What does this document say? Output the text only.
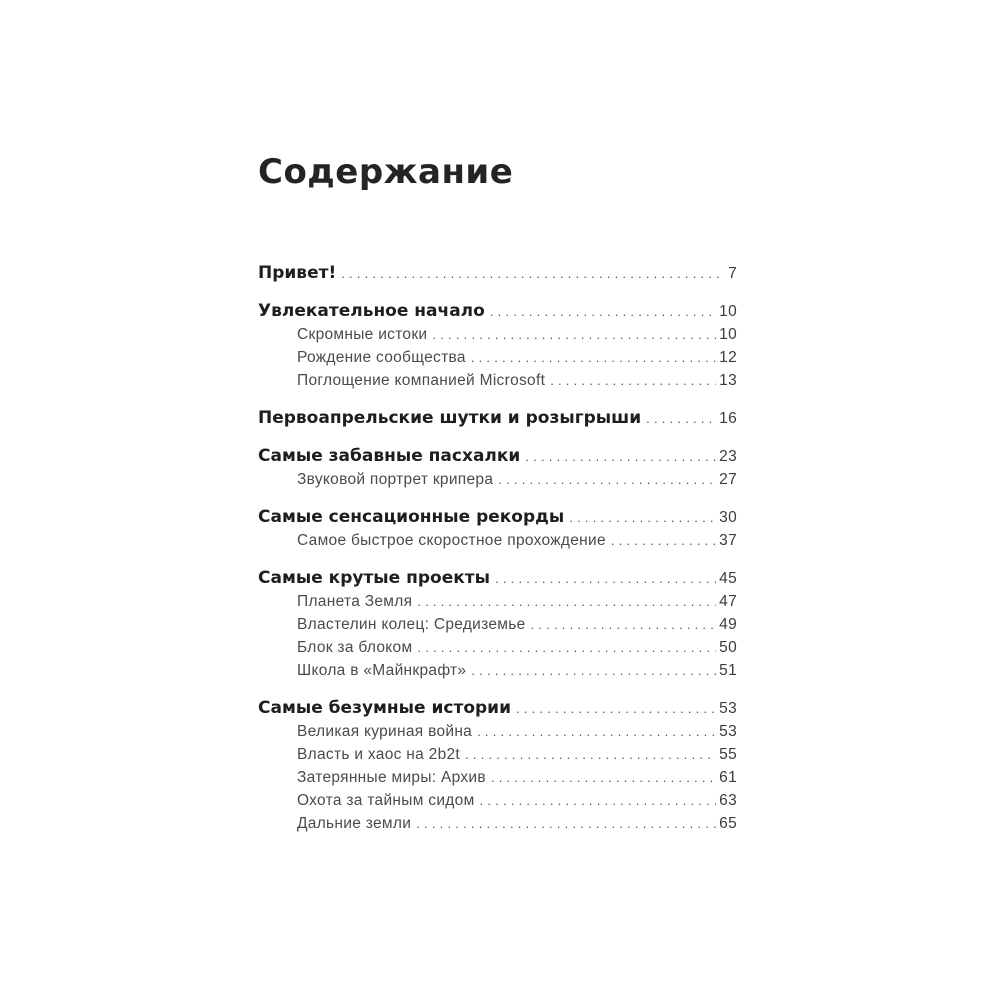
Содержание
Привет! .....	7
Увлекательное начало .....	10
Скромные истоки .....	10
Рождение сообщества .....	12
Поглощение компанией Microsoft .....	13
Первоапрельские шутки и розыгрыши .....	16
Самые забавные пасхалки .....	23
Звуковой портрет крипера .....	27
Самые сенсационные рекорды .....	30
Самое быстрое скоростное прохождение .....	37
Самые крутые проекты .....	45
Планета Земля .....	47
Властелин колец: Средиземье .....	49
Блок за блоком .....	50
Школа в «Майнкрафт» .....	51
Самые безумные истории .....	53
Великая куриная война .....	53
Власть и хаос на 2b2t .....	55
Затерянные миры: Архив .....	61
Охота за тайным сидом .....	63
Дальние земли .....	65
